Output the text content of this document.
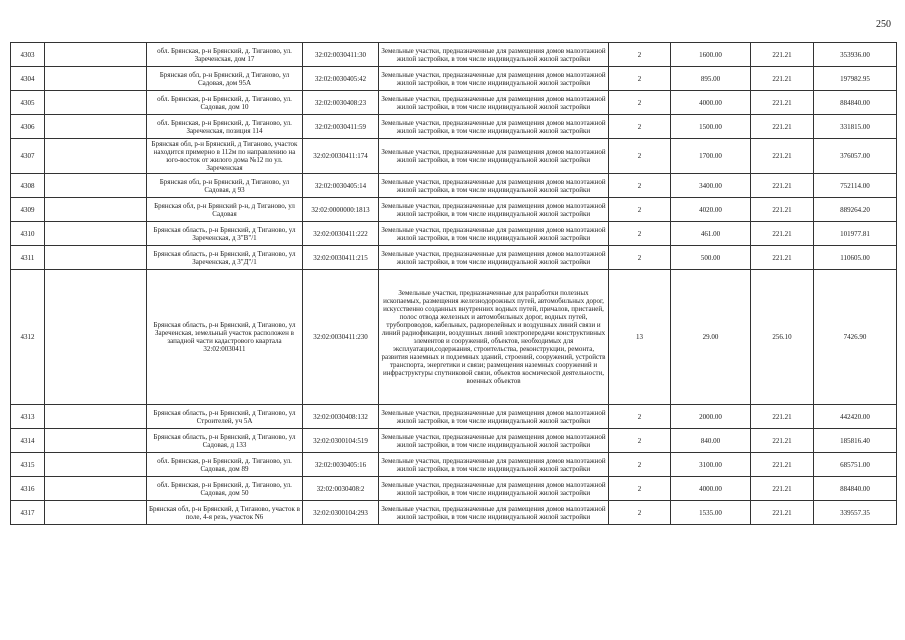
250
4303		обл. Брянская, р-н Брянский, д. Тиганово, ул. Зареченская, дом 17	32:02:0030411:30	Земельные участки, предназначенные для размещения домов малоэтажной жилой застройки, в том числе индивидуальной жилой застройки	2	1600.00	221.21	353936.00
4304		Брянская обл, р-н Брянский, д Тиганово, ул Садовая, дом 95А	32:02:0030405:42	Земельные участки, предназначенные для размещения домов малоэтажной жилой застройки, в том числе индивидуальной жилой застройки	2	895.00	221.21	197982.95
4305		обл. Брянская, р-н Брянский, д. Тиганово, ул. Садовая, дом 10	32:02:0030408:23	Земельные участки, предназначенные для размещения домов малоэтажной жилой застройки, в том числе индивидуальной жилой застройки	2	4000.00	221.21	884840.00
4306		обл. Брянская, р-н Брянский, д. Тиганово, ул. Зареченская, позиция 114	32:02:0030411:59	Земельные участки, предназначенные для размещения домов малоэтажной жилой застройки, в том числе индивидуальной жилой застройки	2	1500.00	221.21	331815.00
4307		Брянская обл, р-н Брянский, д Тиганово, участок находится примерно в 112м по направлению на юго-восток от жилого дома №12 по ул. Зареченская	32:02:0030411:174	Земельные участки, предназначенные для размещения домов малоэтажной жилой застройки, в том числе индивидуальной жилой застройки	2	1700.00	221.21	376057.00
4308		Брянская обл, р-н Брянский, д Тиганово, ул Садовая, д 93	32:02:0030405:14	Земельные участки, предназначенные для размещения домов малоэтажной жилой застройки, в том числе индивидуальной жилой застройки	2	3400.00	221.21	752114.00
4309		Брянская обл, р-н Брянский р-н, д Тиганово, ул Садовая	32:02:0000000:1813	Земельные участки, предназначенные для размещения домов малоэтажной жилой застройки, в том числе индивидуальной жилой застройки	2	4020.00	221.21	889264.20
4310		Брянская область, р-н Брянский, д Тиганово, ул Зареченская, д 3"В"/1	32:02:0030411:222	Земельные участки, предназначенные для размещения домов малоэтажной жилой застройки, в том числе индивидуальной жилой застройки	2	461.00	221.21	101977.81
4311		Брянская область, р-н Брянский, д Тиганово, ул Зареченская, д 3"Д"/1	32:02:0030411:215	Земельные участки, предназначенные для размещения домов малоэтажной жилой застройки, в том числе индивидуальной жилой застройки	2	500.00	221.21	110605.00
4312		Брянская область, р-н Брянский, д Тиганово, ул Зареченская, земельный участок расположен в западной части кадастрового квартала 32:02:0030411	32:02:0030411:230	Земельные участки, предназначенные для разработки полезных ископаемых, размещения железнодорожных путей, автомобильных дорог, искусственно созданных внутренних водных путей, причалов, пристаней, полос отвода железных и автомобильных дорог, водных путей, трубопроводов, кабельных, радиорелейных и воздушных линий связи и линий радиофикации, воздушных линий электропередачи конструктивных элементов и сооружений, объектов, необходимых для эксплуатации,содержания, строительства, реконструкции, ремонта, развития наземных и подземных зданий, строений, сооружений, устройств транспорта, энергетики и связи; размещения наземных сооружений и инфраструктуры спутниковой связи, объектов космической деятельности, военных объектов	13	29.00	256.10	7426.90
4313		Брянская область, р-н Брянский, д Тиганово, ул Строителей, уч 5А	32:02:0030408:132	Земельные участки, предназначенные для размещения домов малоэтажной жилой застройки, в том числе индивидуальной жилой застройки	2	2000.00	221.21	442420.00
4314		Брянская область, р-н Брянский, д Тиганово, ул Садовая, д 133	32:02:0300104:519	Земельные участки, предназначенные для размещения домов малоэтажной жилой застройки, в том числе индивидуальной жилой застройки	2	840.00	221.21	185816.40
4315		обл. Брянская, р-н Брянский, д. Тиганово, ул. Садовая, дом 89	32:02:0030405:16	Земельные участки, предназначенные для размещения домов малоэтажной жилой застройки, в том числе индивидуальной жилой застройки	2	3100.00	221.21	685751.00
4316		обл. Брянская, р-н Брянский, д. Тиганово, ул. Садовая, дом 50	32:02:0030408:2	Земельные участки, предназначенные для размещения домов малоэтажной жилой застройки, в том числе индивидуальной жилой застройки	2	4000.00	221.21	884840.00
4317		Брянская обл, р-н Брянский, д Тиганово, участок в поле, 4-я резь, участок N6	32:02:0300104:293	Земельные участки, предназначенные для размещения домов малоэтажной жилой застройки, в том числе индивидуальной жилой застройки	2	1535.00	221.21	339557.35
